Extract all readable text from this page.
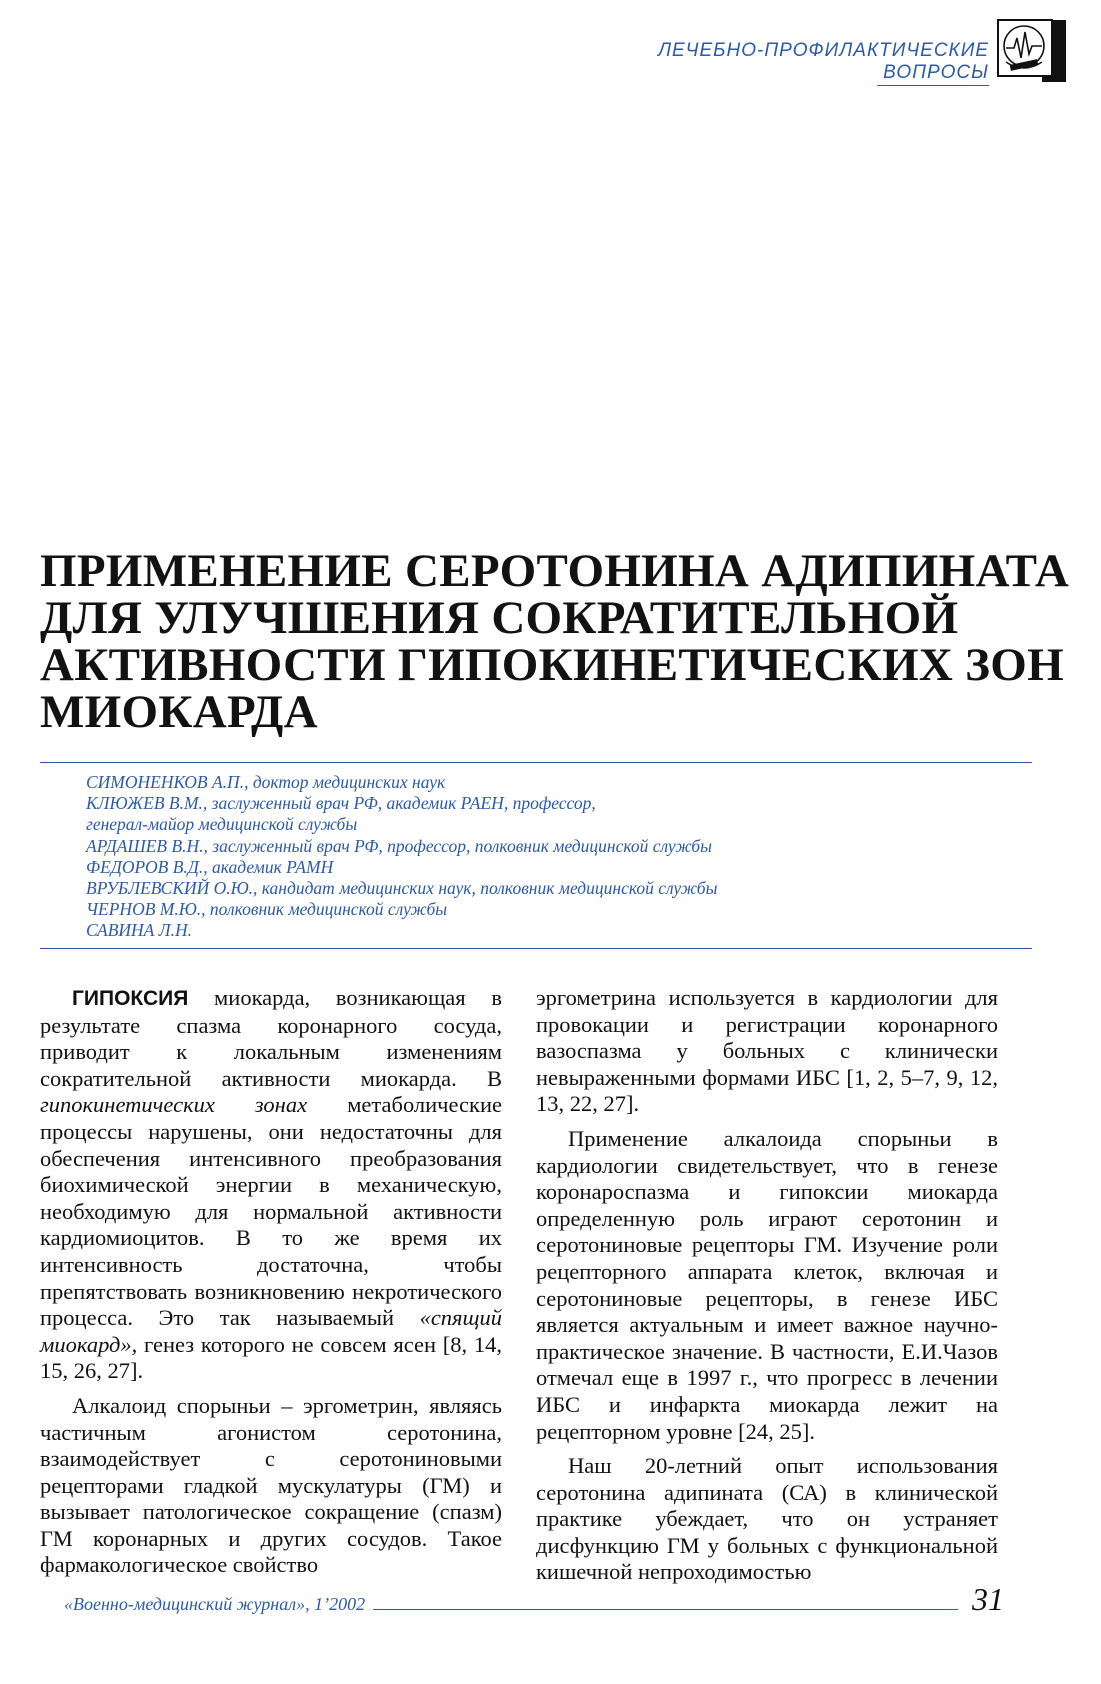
ЛЕЧЕБНО-ПРОФИЛАКТИЧЕСКИЕ
ВОПРОСЫ
ПРИМЕНЕНИЕ СЕРОТОНИНА АДИПИНАТА
ДЛЯ УЛУЧШЕНИЯ СОКРАТИТЕЛЬНОЙ
АКТИВНОСТИ ГИПОКИНЕТИЧЕСКИХ ЗОН
МИОКАРДА
СИМОНЕНКОВ А.П., доктор медицинских наук
КЛЮЖЕВ В.М., заслуженный врач РФ, академик РАЕН, профессор,
генерал-майор медицинской службы
АРДАШЕВ В.Н., заслуженный врач РФ, профессор, полковник медицинской службы
ФЕДОРОВ В.Д., академик РАМН
ВРУБЛЕВСКИЙ О.Ю., кандидат медицинских наук, полковник медицинской службы
ЧЕРНОВ М.Ю., полковник медицинской службы
САВИНА Л.Н.

ГИПОКСИЯ миокарда, возникающая в результате спазма коронарного сосуда, приводит к локальным изменениям сократительной активности миокарда. В гипокинетических зонах метаболические процессы нарушены, они недостаточны для обеспечения интенсивного преобразования биохимической энергии в механическую, необходимую для нормальной активности кардиомиоцитов. В то же время их интенсивность достаточна, чтобы препятствовать возникновению некротического процесса. Это так называемый «спящий миокард», генез которого не совсем ясен [8, 14, 15, 26, 27].

Алкалоид спорыньи – эргометрин, являясь частичным агонистом серотонина, взаимодействует с серотониновыми рецепторами гладкой мускулатуры (ГМ) и вызывает патологическое сокращение (спазм) ГМ коронарных и других сосудов. Такое фармакологическое свойство

эргометрина используется в кардиологии для провокации и регистрации коронарного вазоспазма у больных с клинически невыраженными формами ИБС [1, 2, 5–7, 9, 12, 13, 22, 27].

Применение алкалоида спорыньи в кардиологии свидетельствует, что в генезе коронароспазма и гипоксии миокарда определенную роль играют серотонин и серотониновые рецепторы ГМ. Изучение роли рецепторного аппарата клеток, включая и серотониновые рецепторы, в генезе ИБС является актуальным и имеет важное научно-практическое значение. В частности, Е.И.Чазов отмечал еще в 1997 г., что прогресс в лечении ИБС и инфаркта миокарда лежит на рецепторном уровне [24, 25].

Наш 20-летний опыт использования серотонина адипината (СА) в клинической практике убеждает, что он устраняет дисфункцию ГМ у больных с функциональной кишечной непроходимостью

«Военно-медицинский журнал», 1’2002	31
